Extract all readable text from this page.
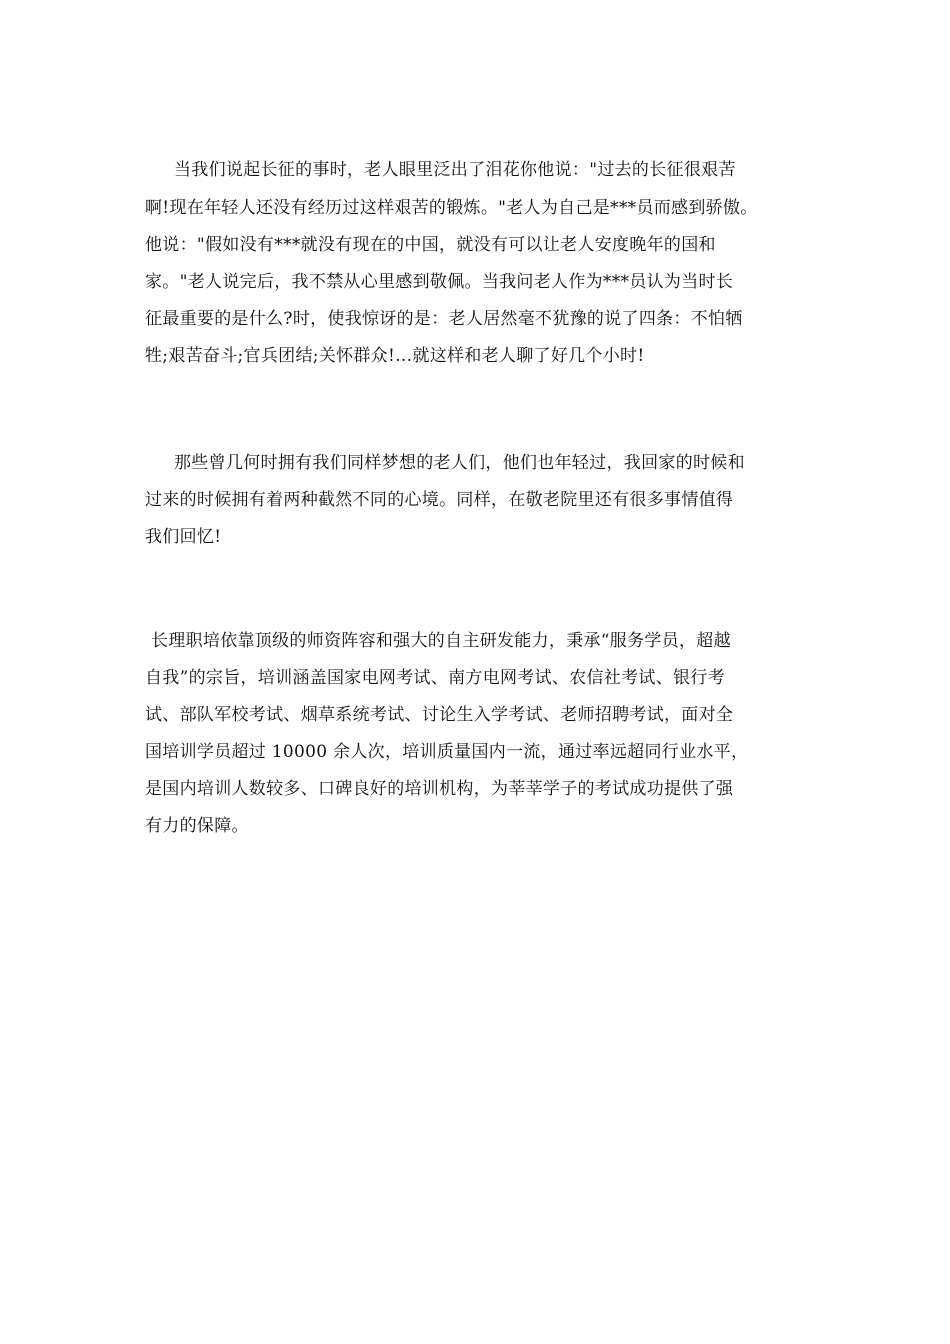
当我们说起长征的事时，老人眼里泛出了泪花你他说："过去的长征很艰苦
啊!现在年轻人还没有经历过这样艰苦的锻炼。"老人为自己是***员而感到骄傲。
他说："假如没有***就没有现在的中国，就没有可以让老人安度晚年的国和
家。"老人说完后，我不禁从心里感到敬佩。当我问老人作为***员认为当时长
征最重要的是什么?时，使我惊讶的是：老人居然毫不犹豫的说了四条：不怕牺
牲;艰苦奋斗;官兵团结;关怀群众!…就这样和老人聊了好几个小时!
那些曾几何时拥有我们同样梦想的老人们，他们也年轻过，我回家的时候和
过来的时候拥有着两种截然不同的心境。同样，在敬老院里还有很多事情值得
我们回忆!
长理职培依靠顶级的师资阵容和强大的自主研发能力，秉承“服务学员，超越
自我”的宗旨，培训涵盖国家电网考试、南方电网考试、农信社考试、银行考
试、部队军校考试、烟草系统考试、讨论生入学考试、老师招聘考试，面对全
国培训学员超过 10000 余人次，培训质量国内一流，通过率远超同行业水平，
是国内培训人数较多、口碑良好的培训机构，为莘莘学子的考试成功提供了强
有力的保障。
